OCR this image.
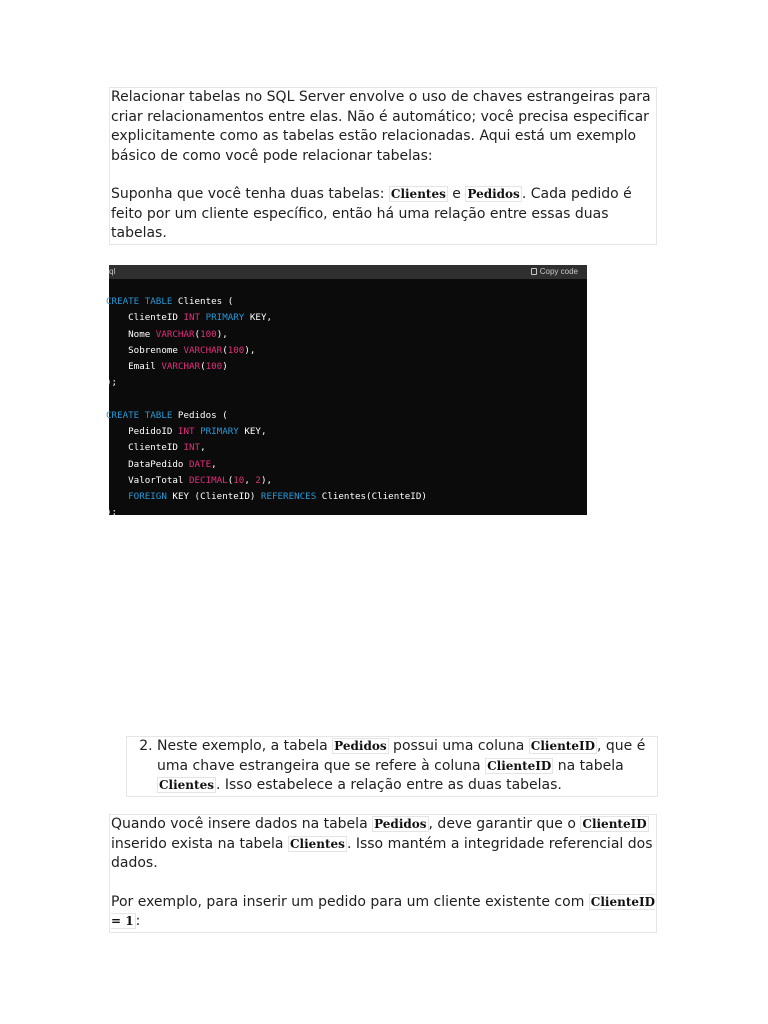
Relacionar tabelas no SQL Server envolve o uso de chaves estrangeiras para criar relacionamentos entre elas. Não é automático; você precisa especificar explicitamente como as tabelas estão relacionadas. Aqui está um exemplo básico de como você pode relacionar tabelas:

Suponha que você tenha duas tabelas: Clientes e Pedidos . Cada pedido é feito por um cliente específico, então há uma relação entre essas duas tabelas.

ql	Copy code
CREATE TABLE Clientes (
ClienteID INT PRIMARY KEY,
Nome VARCHAR(100),
Sobrenome VARCHAR(100),
Email VARCHAR(100)
);

CREATE TABLE Pedidos (
PedidoID INT PRIMARY KEY,
ClienteID INT,
DataPedido DATE,
ValorTotal DECIMAL(10, 2),
FOREIGN KEY (ClienteID) REFERENCES Clientes(ClienteID)
);
2. Neste exemplo, a tabela Pedidos possui uma coluna ClienteID , que é uma chave estrangeira que se refere à coluna ClienteID na tabela Clientes . Isso estabelece a relação entre as duas tabelas.

Quando você insere dados na tabela Pedidos , deve garantir que o ClienteID inserido exista na tabela Clientes . Isso mantém a integridade referencial dos dados.

Por exemplo, para inserir um pedido para um cliente existente com ClienteID = 1 :
